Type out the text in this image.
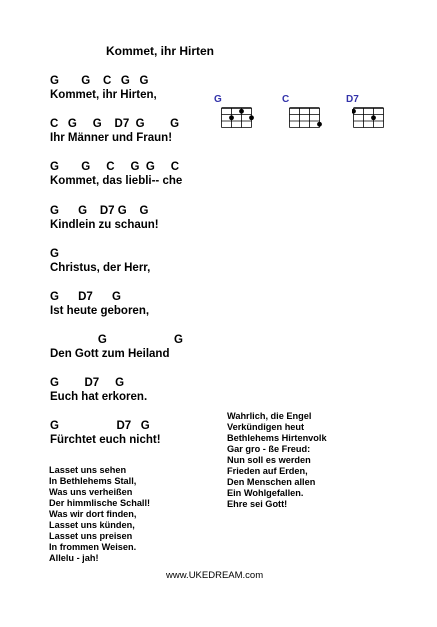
Kommet, ihr Hirten
G       G    C   G   G
Kommet, ihr Hirten,
C   G     G    D7  G        G
Ihr Männer und Fraun!
G       G     C     G  G     C
Kommet, das liebli-- che
G      G    D7 G    G
Kindlein zu schaun!
G
Christus, der Herr,
G      D7      G
Ist heute geboren,
G                     G
Den Gott zum Heiland
G        D7     G
Euch hat erkoren.
G                  D7   G
Fürchtet euch nicht!
G	C	D7
Lasset uns sehen
In Bethlehems Stall,
Was uns verheißen
Der himmlische Schall!
Was wir dort finden,
Lasset uns künden,
Lasset uns preisen
In frommen Weisen.
Allelu - jah!
Wahrlich, die Engel
Verkündigen heut
Bethlehems Hirtenvolk
Gar gro - ße Freud:
Nun soll es werden
Frieden auf Erden,
Den Menschen allen
Ein Wohlgefallen.
Ehre sei Gott!
www.UKEDREAM.com
